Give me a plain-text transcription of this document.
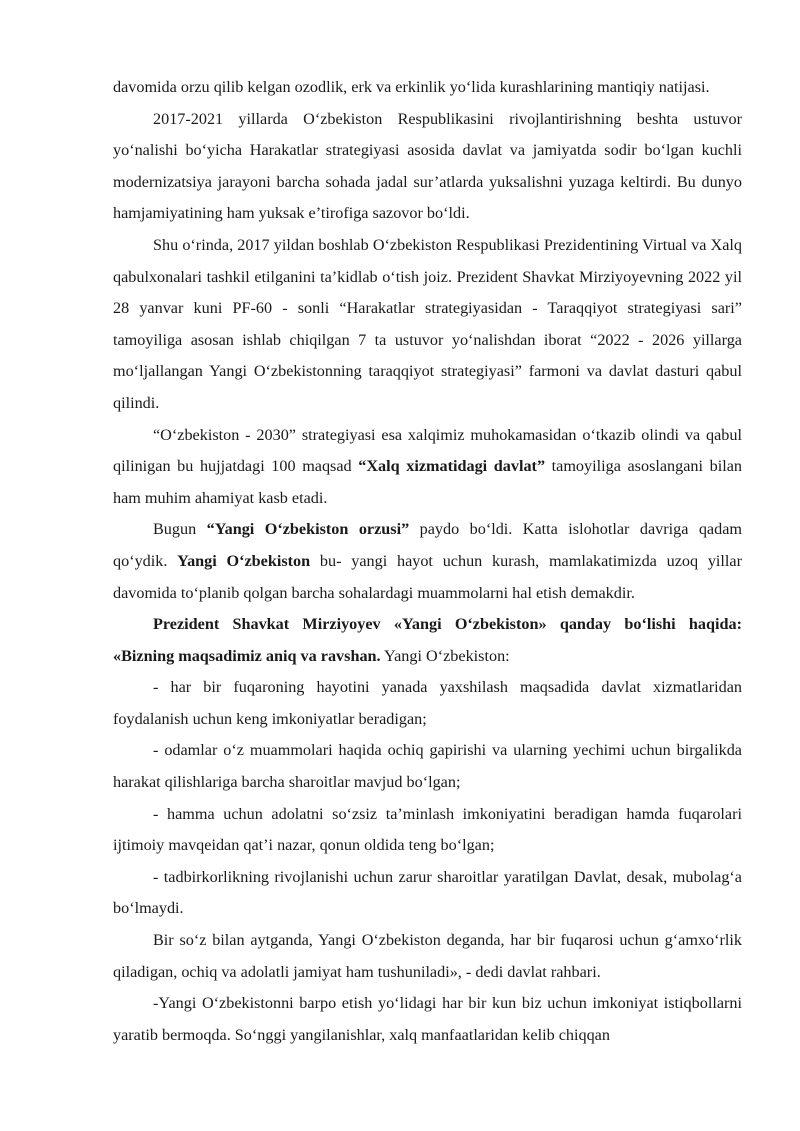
davomida orzu qilib kelgan ozodlik, erk va erkinlik yo‘lida kurashlarining mantiqiy natijasi.

2017-2021 yillarda O‘zbekiston Respublikasini rivojlantirishning beshta ustuvor yo‘nalishi bo‘yicha Harakatlar strategiyasi asosida davlat va jamiyatda sodir bo‘lgan kuchli modernizatsiya jarayoni barcha sohada jadal sur’atlarda yuksalishni yuzaga keltirdi. Bu dunyo hamjamiyatining ham yuksak e’tirofiga sazovor bo‘ldi.

Shu o‘rinda, 2017 yildan boshlab O‘zbekiston Respublikasi Prezidentining Virtual va Xalq qabulxonalari tashkil etilganini ta’kidlab o‘tish joiz. Prezident Shavkat Mirziyoyevning 2022 yil 28 yanvar kuni PF-60 - sonli “Harakatlar strategiyasidan - Taraqqiyot strategiyasi sari” tamoyiliga asosan ishlab chiqilgan 7 ta ustuvor yo‘nalishdan iborat “2022 - 2026 yillarga mo‘ljallangan Yangi O‘zbekistonning taraqqiyot strategiyasi” farmoni va davlat dasturi qabul qilindi.

“O‘zbekiston - 2030” strategiyasi esa xalqimiz muhokamasidan o‘tkazib olindi va qabul qilinigan bu hujjatdagi 100 maqsad “Xalq xizmatidagi davlat” tamoyiliga asoslangani bilan ham muhim ahamiyat kasb etadi.

Bugun “Yangi O‘zbekiston orzusi” paydo bo‘ldi. Katta islohotlar davriga qadam qo‘ydik. Yangi O‘zbekiston bu- yangi hayot uchun kurash, mamlakatimizda uzoq yillar davomida to‘planib qolgan barcha sohalardagi muammolarni hal etish demakdir.

Prezident Shavkat Mirziyoyev «Yangi O‘zbekiston» qanday bo‘lishi haqida: «Bizning maqsadimiz aniq va ravshan. Yangi O‘zbekiston:

- har bir fuqaroning hayotini yanada yaxshilash maqsadida davlat xizmatlaridan foydalanish uchun keng imkoniyatlar beradigan;

- odamlar o‘z muammolari haqida ochiq gapirishi va ularning yechimi uchun birgalikda harakat qilishlariga barcha sharoitlar mavjud bo‘lgan;

- hamma uchun adolatni so‘zsiz ta’minlash imkoniyatini beradigan hamda fuqarolari ijtimoiy mavqeidan qat’i nazar, qonun oldida teng bo‘lgan;

- tadbirkorlikning rivojlanishi uchun zarur sharoitlar yaratilgan Davlat, desak, mubolag‘a bo‘lmaydi.

Bir so‘z bilan aytganda, Yangi O‘zbekiston deganda, har bir fuqarosi uchun g‘amxo‘rlik qiladigan, ochiq va adolatli jamiyat ham tushuniladi», - dedi davlat rahbari.

-Yangi O‘zbekistonni barpo etish yo‘lidagi har bir kun biz uchun imkoniyat istiqbollarni yaratib bermoqda. So‘nggi yangilanishlar, xalq manfaatlaridan kelib chiqqan
